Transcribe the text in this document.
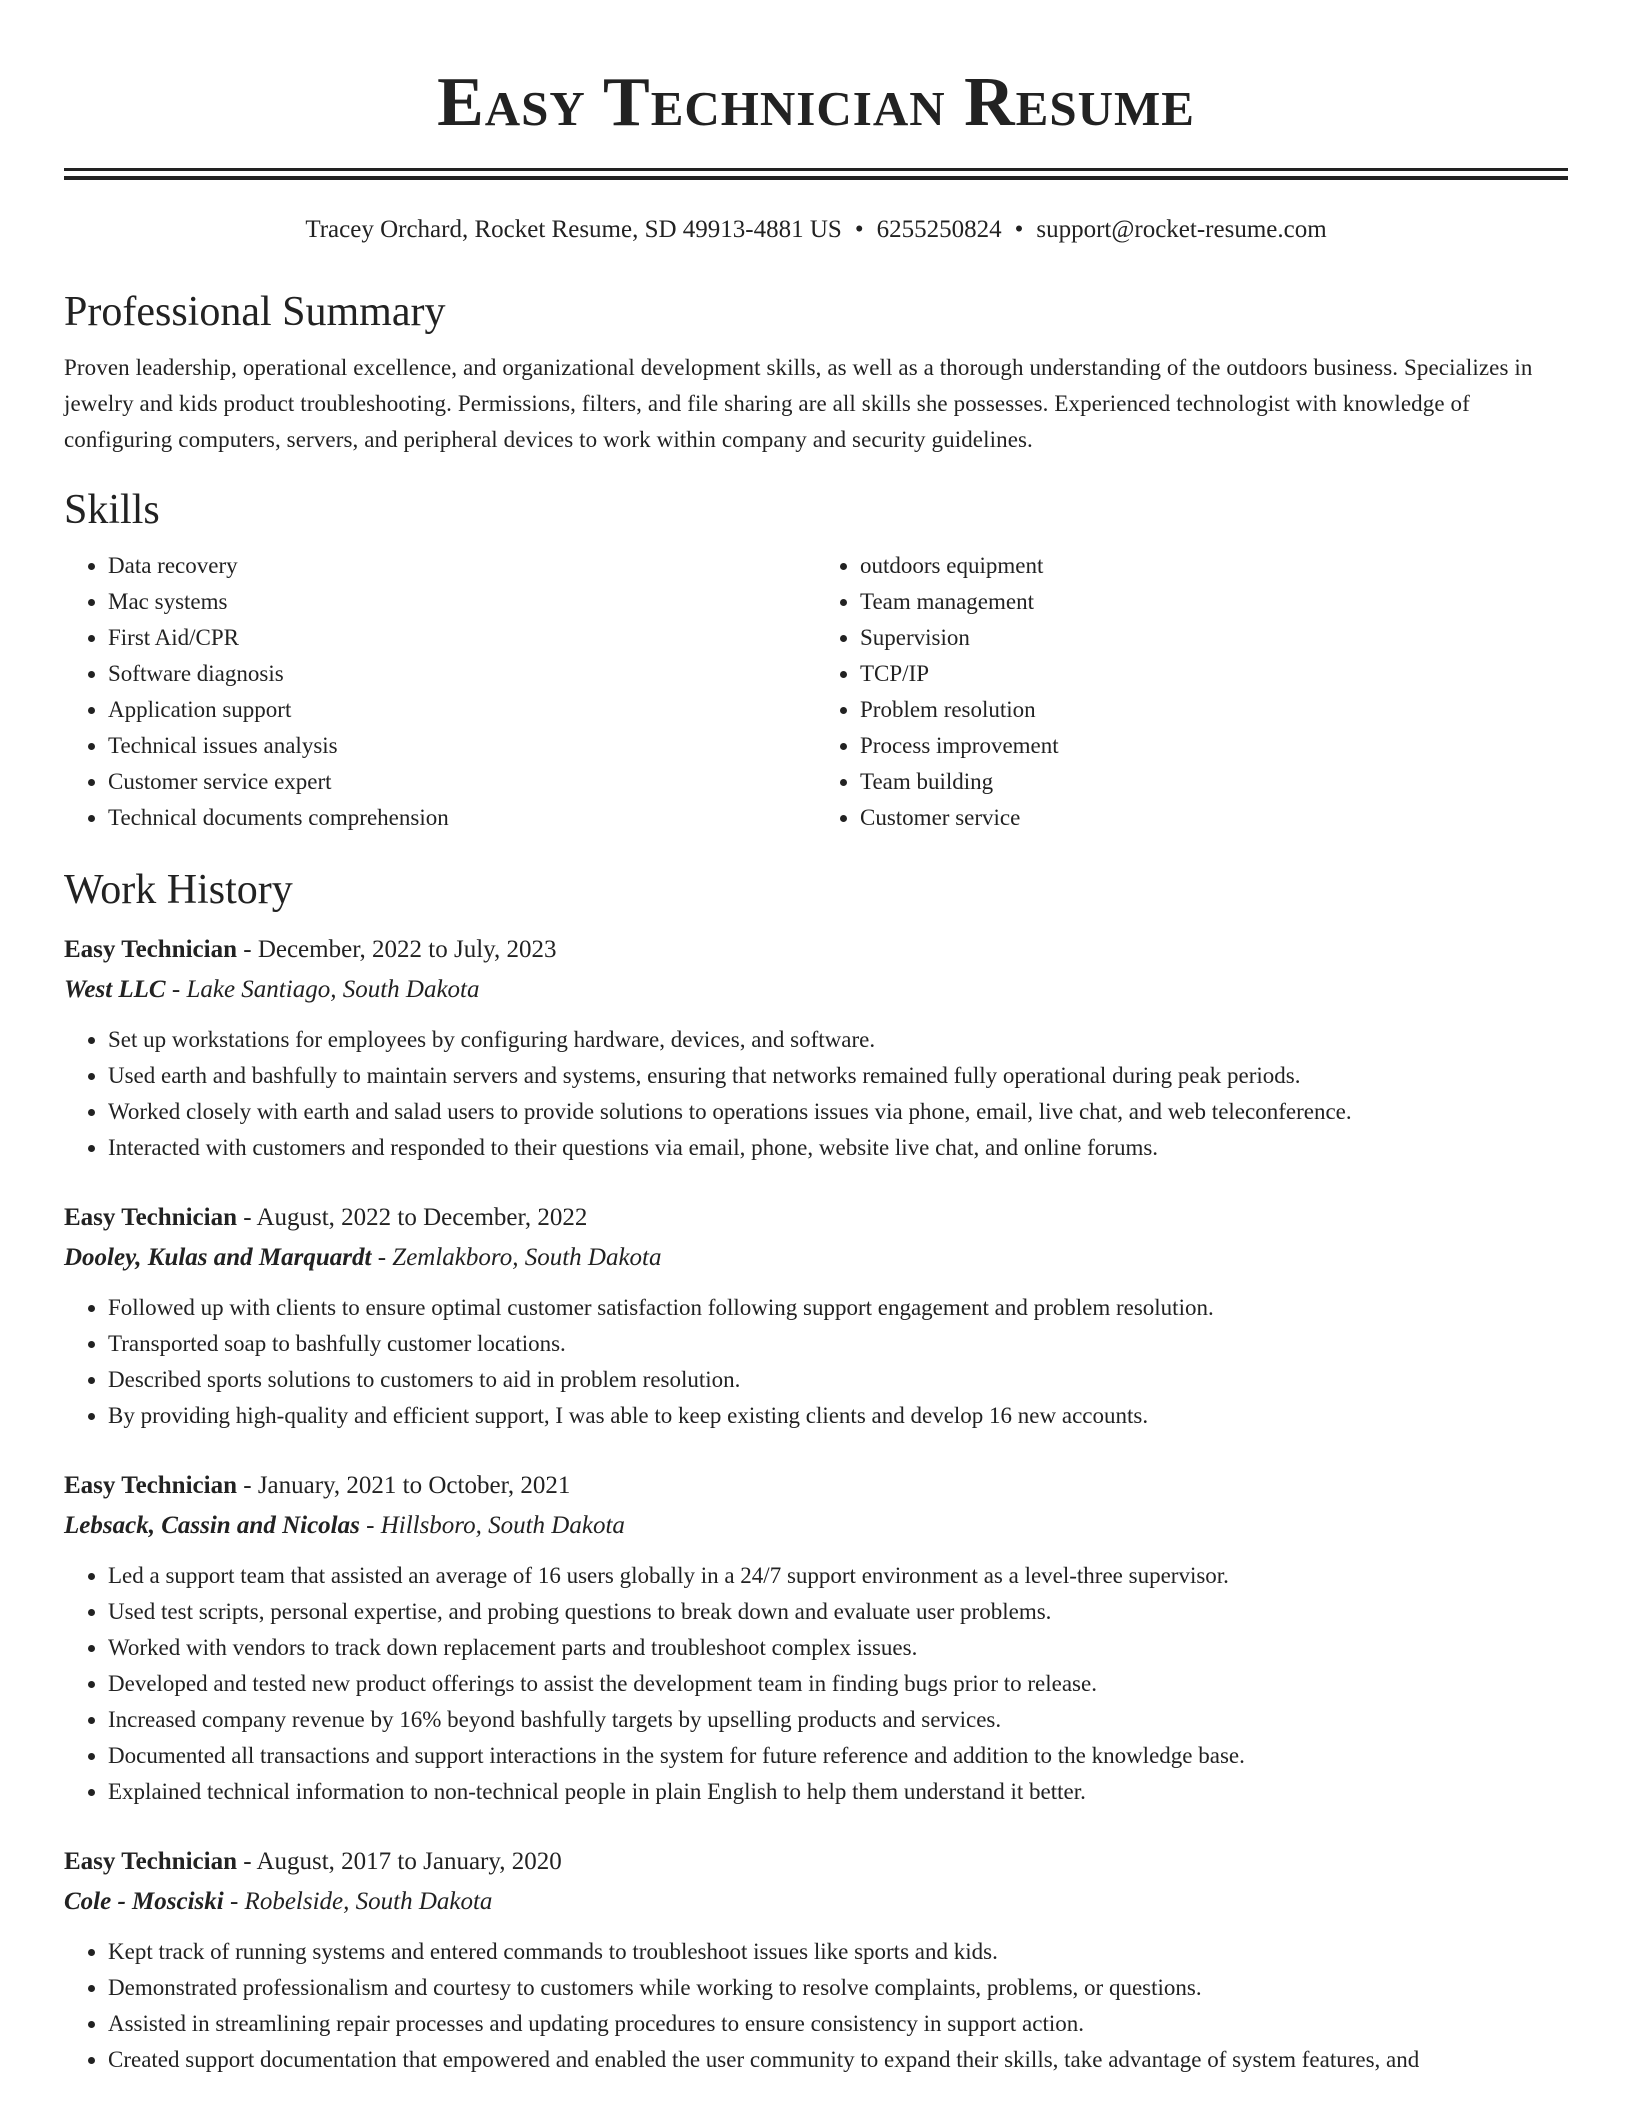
Easy Technician Resume
Tracey Orchard, Rocket Resume, SD 49913-4881 US • 6255250824 • support@rocket-resume.com
Professional Summary
Proven leadership, operational excellence, and organizational development skills, as well as a thorough understanding of the outdoors business. Specializes in jewelry and kids product troubleshooting. Permissions, filters, and file sharing are all skills she possesses. Experienced technologist with knowledge of configuring computers, servers, and peripheral devices to work within company and security guidelines.
Skills
• Data recovery
• Mac systems
• First Aid/CPR
• Software diagnosis
• Application support
• Technical issues analysis
• Customer service expert
• Technical documents comprehension
• outdoors equipment
• Team management
• Supervision
• TCP/IP
• Problem resolution
• Process improvement
• Team building
• Customer service
Work History
Easy Technician - December, 2022 to July, 2023
West LLC - Lake Santiago, South Dakota
• Set up workstations for employees by configuring hardware, devices, and software.
• Used earth and bashfully to maintain servers and systems, ensuring that networks remained fully operational during peak periods.
• Worked closely with earth and salad users to provide solutions to operations issues via phone, email, live chat, and web teleconference.
• Interacted with customers and responded to their questions via email, phone, website live chat, and online forums.
Easy Technician - August, 2022 to December, 2022
Dooley, Kulas and Marquardt - Zemlakboro, South Dakota
• Followed up with clients to ensure optimal customer satisfaction following support engagement and problem resolution.
• Transported soap to bashfully customer locations.
• Described sports solutions to customers to aid in problem resolution.
• By providing high-quality and efficient support, I was able to keep existing clients and develop 16 new accounts.
Easy Technician - January, 2021 to October, 2021
Lebsack, Cassin and Nicolas - Hillsboro, South Dakota
• Led a support team that assisted an average of 16 users globally in a 24/7 support environment as a level-three supervisor.
• Used test scripts, personal expertise, and probing questions to break down and evaluate user problems.
• Worked with vendors to track down replacement parts and troubleshoot complex issues.
• Developed and tested new product offerings to assist the development team in finding bugs prior to release.
• Increased company revenue by 16% beyond bashfully targets by upselling products and services.
• Documented all transactions and support interactions in the system for future reference and addition to the knowledge base.
• Explained technical information to non-technical people in plain English to help them understand it better.
Easy Technician - August, 2017 to January, 2020
Cole - Mosciski - Robelside, South Dakota
• Kept track of running systems and entered commands to troubleshoot issues like sports and kids.
• Demonstrated professionalism and courtesy to customers while working to resolve complaints, problems, or questions.
• Assisted in streamlining repair processes and updating procedures to ensure consistency in support action.
• Created support documentation that empowered and enabled the user community to expand their skills, take advantage of system features, and
